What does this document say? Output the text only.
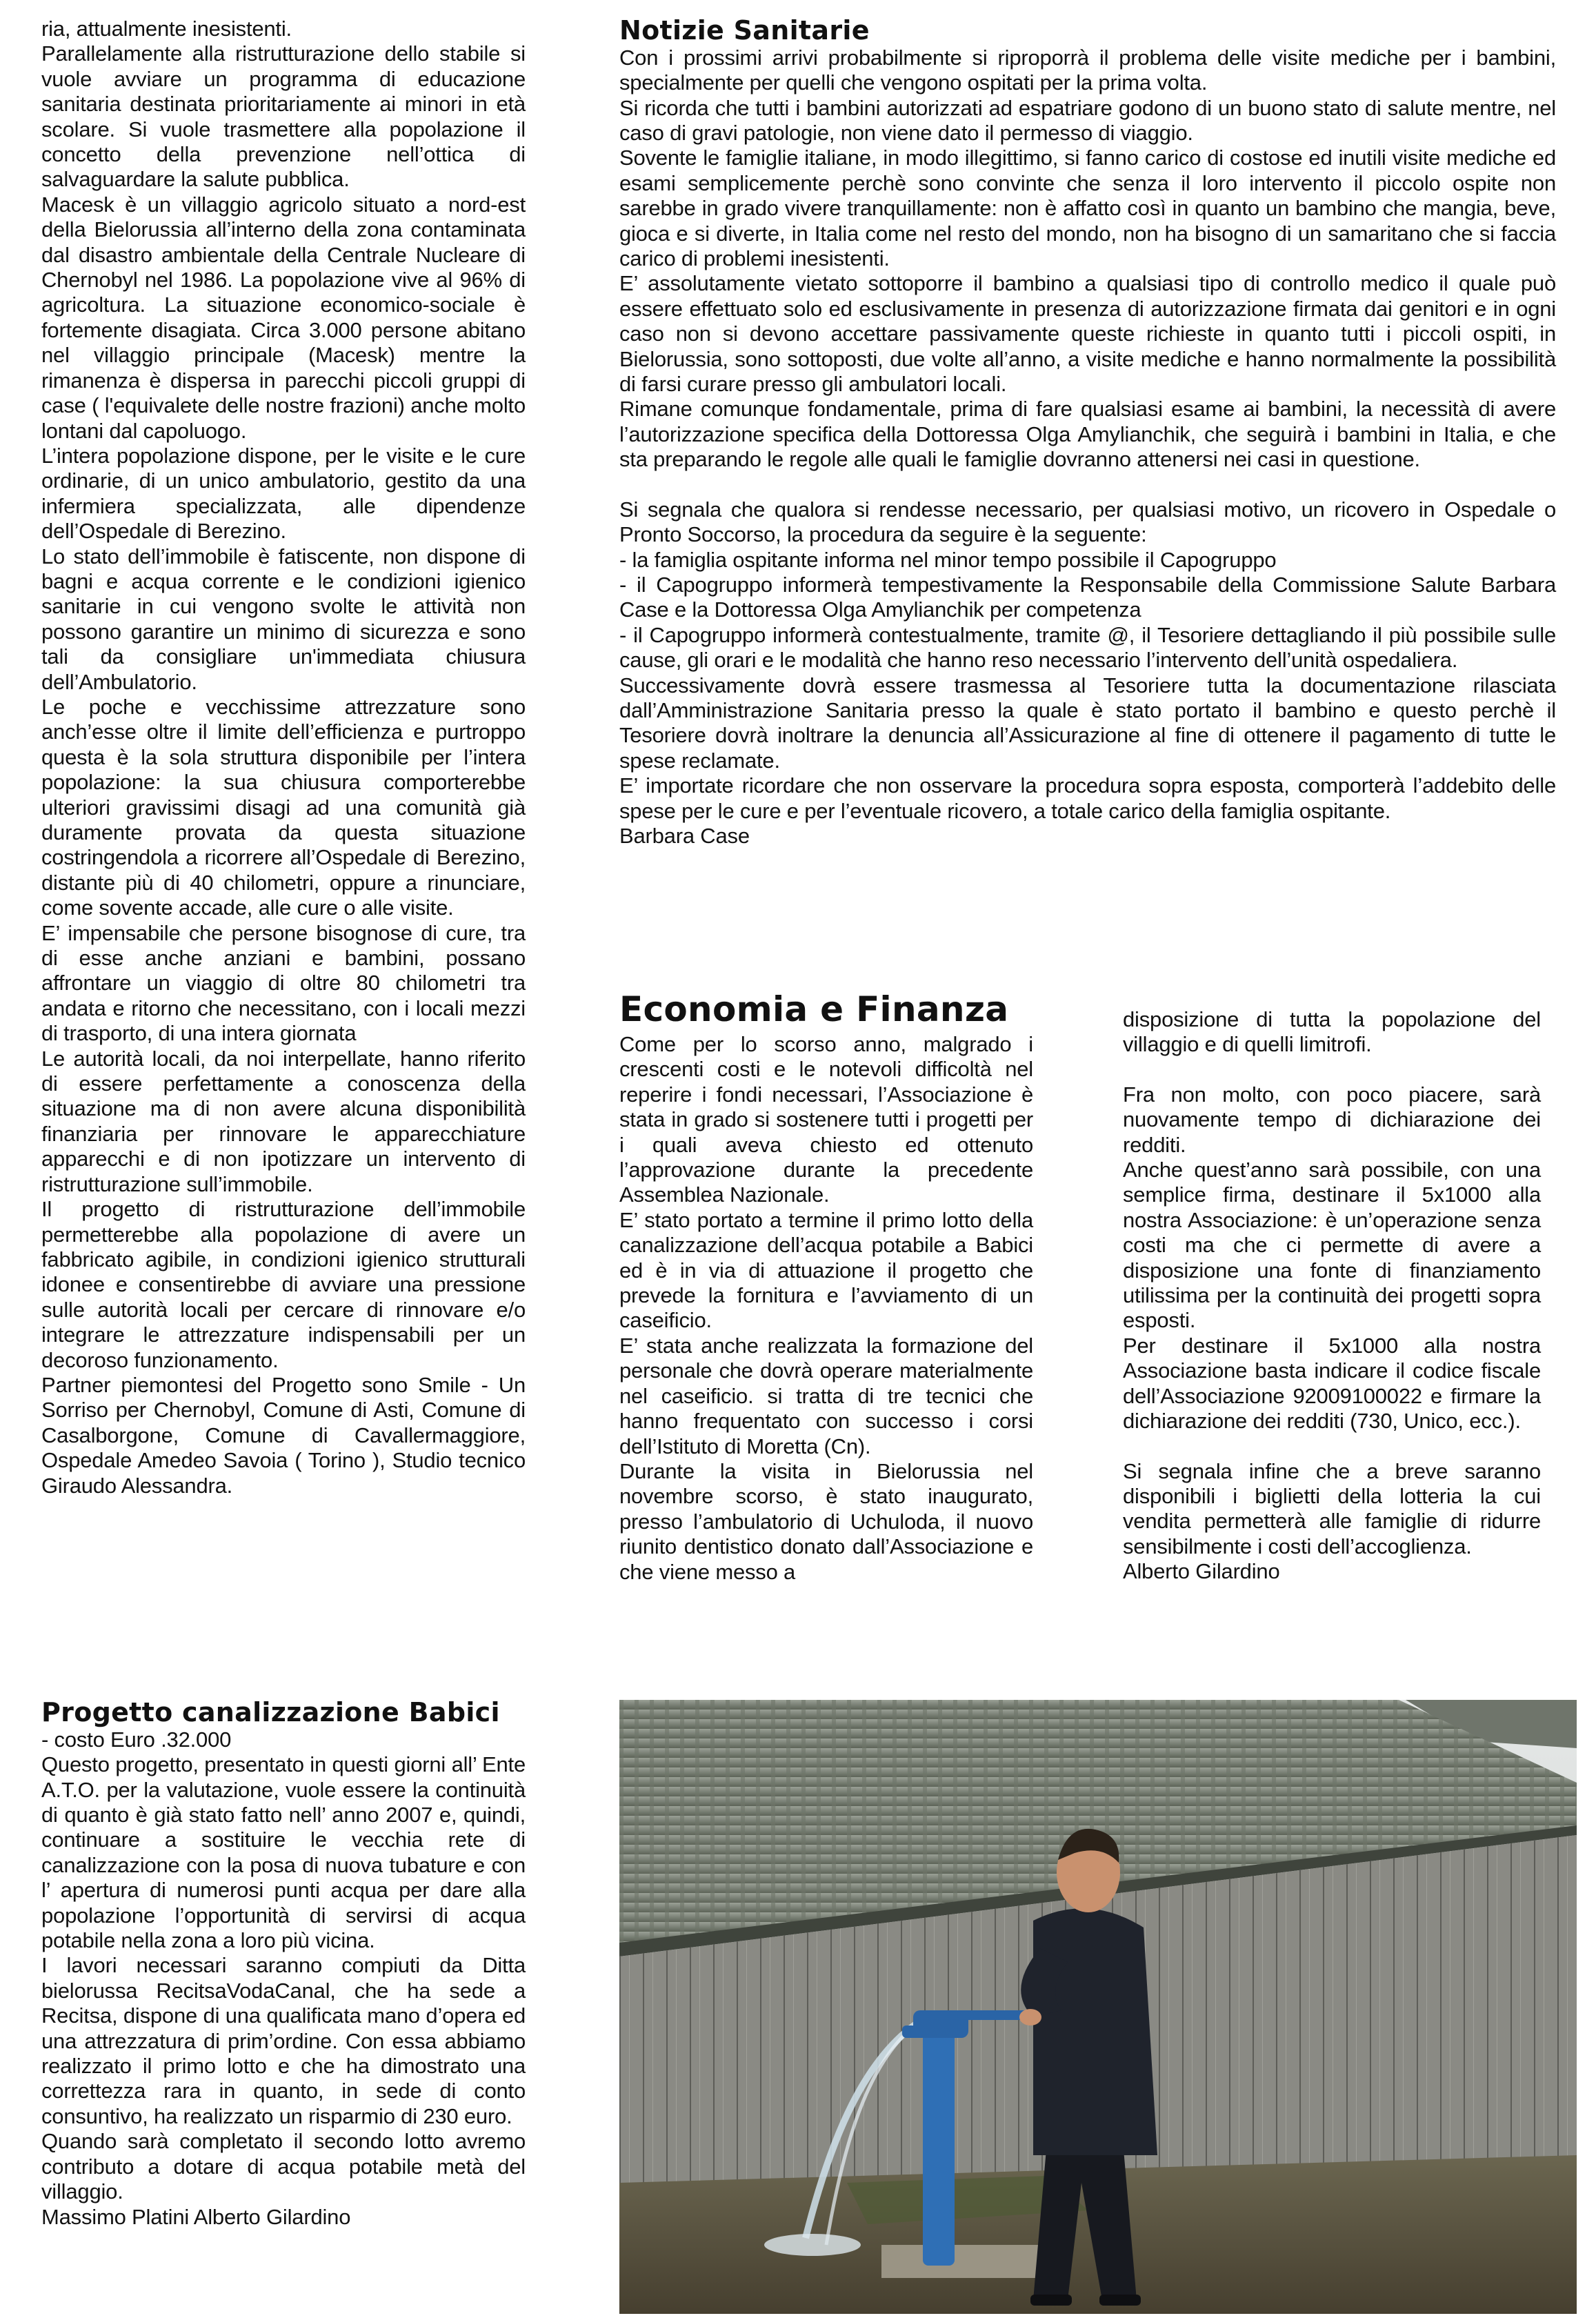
ria, attualmente inesistenti.

Parallelamente alla ristrutturazione dello stabile si vuole avviare un programma di educazione sanitaria destinata prioritariamente ai minori in età scolare. Si vuole trasmettere alla popolazione il concetto della prevenzione nell’ottica di salvaguardare la salute pubblica.

Macesk è un villaggio agricolo situato a nord-est della Bielorussia all’interno della zona contaminata dal disastro ambientale della Centrale Nucleare di Chernobyl nel 1986. La popolazione vive al 96% di agricoltura. La situazione economico-sociale è fortemente disagiata. Circa 3.000 persone abitano nel villaggio principale (Macesk) mentre la rimanenza è dispersa in parecchi piccoli gruppi di case ( l'equivalete delle nostre frazioni) anche molto lontani dal capoluogo.

L’intera popolazione dispone, per le visite e le cure ordinarie, di un unico ambulatorio, gestito da una infermiera specializzata, alle dipendenze dell’Ospedale di Berezino.

Lo stato dell’immobile è fatiscente, non dispone di bagni e acqua corrente e le condizioni igienico sanitarie in cui vengono svolte le attività non possono garantire un minimo di sicurezza e sono tali da consigliare un'immediata chiusura dell’Ambulatorio.

Le poche e vecchissime attrezzature sono anch’esse oltre il limite dell’efficienza e purtroppo questa è la sola struttura disponibile per l’intera popolazione: la sua chiusura comporterebbe ulteriori gravissimi disagi ad una comunità già duramente provata da questa situazione costringendola a ricorrere all’Ospedale di Berezino, distante più di 40 chilometri, oppure a rinunciare, come sovente accade, alle cure o alle visite.

E’ impensabile che persone bisognose di cure, tra di esse anche anziani e bambini, possano affrontare un viaggio di oltre 80 chilometri tra andata e ritorno che necessitano, con i locali mezzi di trasporto, di una intera giornata

Le autorità locali, da noi interpellate, hanno riferito di essere perfettamente a conoscenza della situazione ma di non avere alcuna disponibilità finanziaria per rinnovare le apparecchiature apparecchi e di non ipotizzare un intervento di ristrutturazione sull’immobile.

Il progetto di ristrutturazione dell’immobile permetterebbe alla popolazione di avere un fabbricato agibile, in condizioni igienico strutturali idonee e consentirebbe di avviare una pressione sulle autorità locali per cercare di rinnovare e/o integrare le attrezzature indispensabili per un decoroso funzionamento.

Partner piemontesi del Progetto sono Smile - Un Sorriso per Chernobyl, Comune di Asti, Comune di Casalborgone, Comune di Cavallermaggiore, Ospedale Amedeo Savoia ( Torino ), Studio tecnico Giraudo Alessandra.

Notizie Sanitarie

Con i prossimi arrivi probabilmente si riproporrà il problema delle visite mediche per i bambini, specialmente per quelli che vengono ospitati per la prima volta.

Si ricorda che tutti i bambini autorizzati ad espatriare godono di un buono stato di salute mentre, nel caso di gravi patologie, non viene dato il permesso di viaggio.

Sovente le famiglie italiane, in modo illegittimo, si fanno carico di costose ed inutili visite mediche ed esami semplicemente perchè sono convinte che senza il loro intervento il piccolo ospite non sarebbe in grado vivere tranquillamente: non è affatto così in quanto un bambino che mangia, beve, gioca e si diverte, in Italia come nel resto del mondo, non ha bisogno di un samaritano che si faccia carico di problemi inesistenti.

E’ assolutamente vietato sottoporre il bambino a qualsiasi tipo di controllo medico il quale può essere effettuato solo ed esclusivamente in presenza di autorizzazione firmata dai genitori e in ogni caso non si devono accettare passivamente queste richieste in quanto tutti i piccoli ospiti, in Bielorussia, sono sottoposti, due volte all’anno, a visite mediche e hanno normalmente la possibilità di farsi curare presso gli ambulatori locali.

Rimane comunque fondamentale, prima di fare qualsiasi esame ai bambini, la necessità di avere l’autorizzazione specifica della Dottoressa Olga Amylianchik, che seguirà i bambini in Italia, e che sta preparando le regole alle quali le famiglie dovranno attenersi nei casi in questione.

Si segnala che qualora si rendesse necessario, per qualsiasi motivo, un ricovero in Ospedale o Pronto Soccorso, la procedura da seguire è la seguente:

- la famiglia ospitante informa nel minor tempo possibile il Capogruppo

- il Capogruppo informerà tempestivamente la Responsabile della Commissione Salute Barbara Case e la Dottoressa Olga Amylianchik per competenza

- il Capogruppo informerà contestualmente, tramite @, il Tesoriere dettagliando il più possibile sulle cause, gli orari e le modalità che hanno reso necessario l’intervento dell’unità ospedaliera.

Successivamente dovrà essere trasmessa al Tesoriere tutta la documentazione rilasciata dall’Amministrazione Sanitaria presso la quale è stato portato il bambino e questo perchè il Tesoriere dovrà inoltrare la denuncia all’Assicurazione al fine di ottenere il pagamento di tutte le spese reclamate.

E’ importate ricordare che non osservare la procedura sopra esposta, comporterà l’addebito delle spese per le cure e per l’eventuale ricovero, a totale carico della famiglia ospitante.

Barbara Case

Economia e Finanza

Come per lo scorso anno, malgrado i crescenti costi e le notevoli difficoltà nel reperire i fondi necessari, l’Associazione è stata in grado si sostenere tutti i progetti per i quali aveva chiesto ed ottenuto l’approvazione durante la precedente Assemblea Nazionale.

E’ stato portato a termine il primo lotto della canalizzazione dell’acqua potabile a Babici ed è in via di attuazione il progetto che prevede la fornitura e l’avviamento di un caseificio.

E’ stata anche realizzata la formazione del personale che dovrà operare materialmente nel caseificio. si tratta di tre tecnici che hanno frequentato con successo i corsi dell’Istituto di Moretta (Cn).

Durante la visita in Bielorussia nel novembre scorso, è stato inaugurato, presso l’ambulatorio di Uchuloda, il nuovo riunito dentistico donato dall’Associazione e che viene messo a

disposizione di tutta la popolazione del villaggio e di quelli limitrofi.

Fra non molto, con poco piacere, sarà nuovamente tempo di dichiarazione dei redditi.

Anche quest’anno sarà possibile, con una semplice firma, destinare il 5x1000 alla nostra Associazione: è un’operazione senza costi ma che ci permette di avere a disposizione una fonte di finanziamento utilissima per la continuità dei progetti sopra esposti.

Per destinare il 5x1000 alla nostra Associazione basta indicare il codice fiscale dell’Associazione 92009100022 e firmare la dichiarazione dei redditi (730, Unico, ecc.).

Si segnala infine che a breve saranno disponibili i biglietti della lotteria la cui vendita permetterà alle famiglie di ridurre sensibilmente i costi dell’accoglienza.

Alberto Gilardino

Progetto canalizzazione Babici

- costo Euro .32.000

Questo progetto, presentato in questi giorni all’ Ente A.T.O. per la valutazione, vuole essere la continuità di quanto è già stato fatto nell’ anno 2007 e, quindi, continuare a sostituire le vecchia rete di canalizzazione con la posa di nuova tubature e con l’ apertura di numerosi punti acqua per dare alla popolazione l’opportunità di servirsi di acqua potabile nella zona a loro più vicina.

I lavori necessari saranno compiuti da Ditta bielorussa RecitsaVodaCanal, che ha sede a Recitsa, dispone di una qualificata mano d’opera ed una attrezzatura di prim’ordine. Con essa abbiamo realizzato il primo lotto e che ha dimostrato una correttezza rara in quanto, in sede di conto consuntivo, ha realizzato un risparmio di 230 euro.

Quando sarà completato il secondo lotto avremo contributo a dotare di acqua potabile metà del villaggio.

Massimo Platini Alberto Gilardino
